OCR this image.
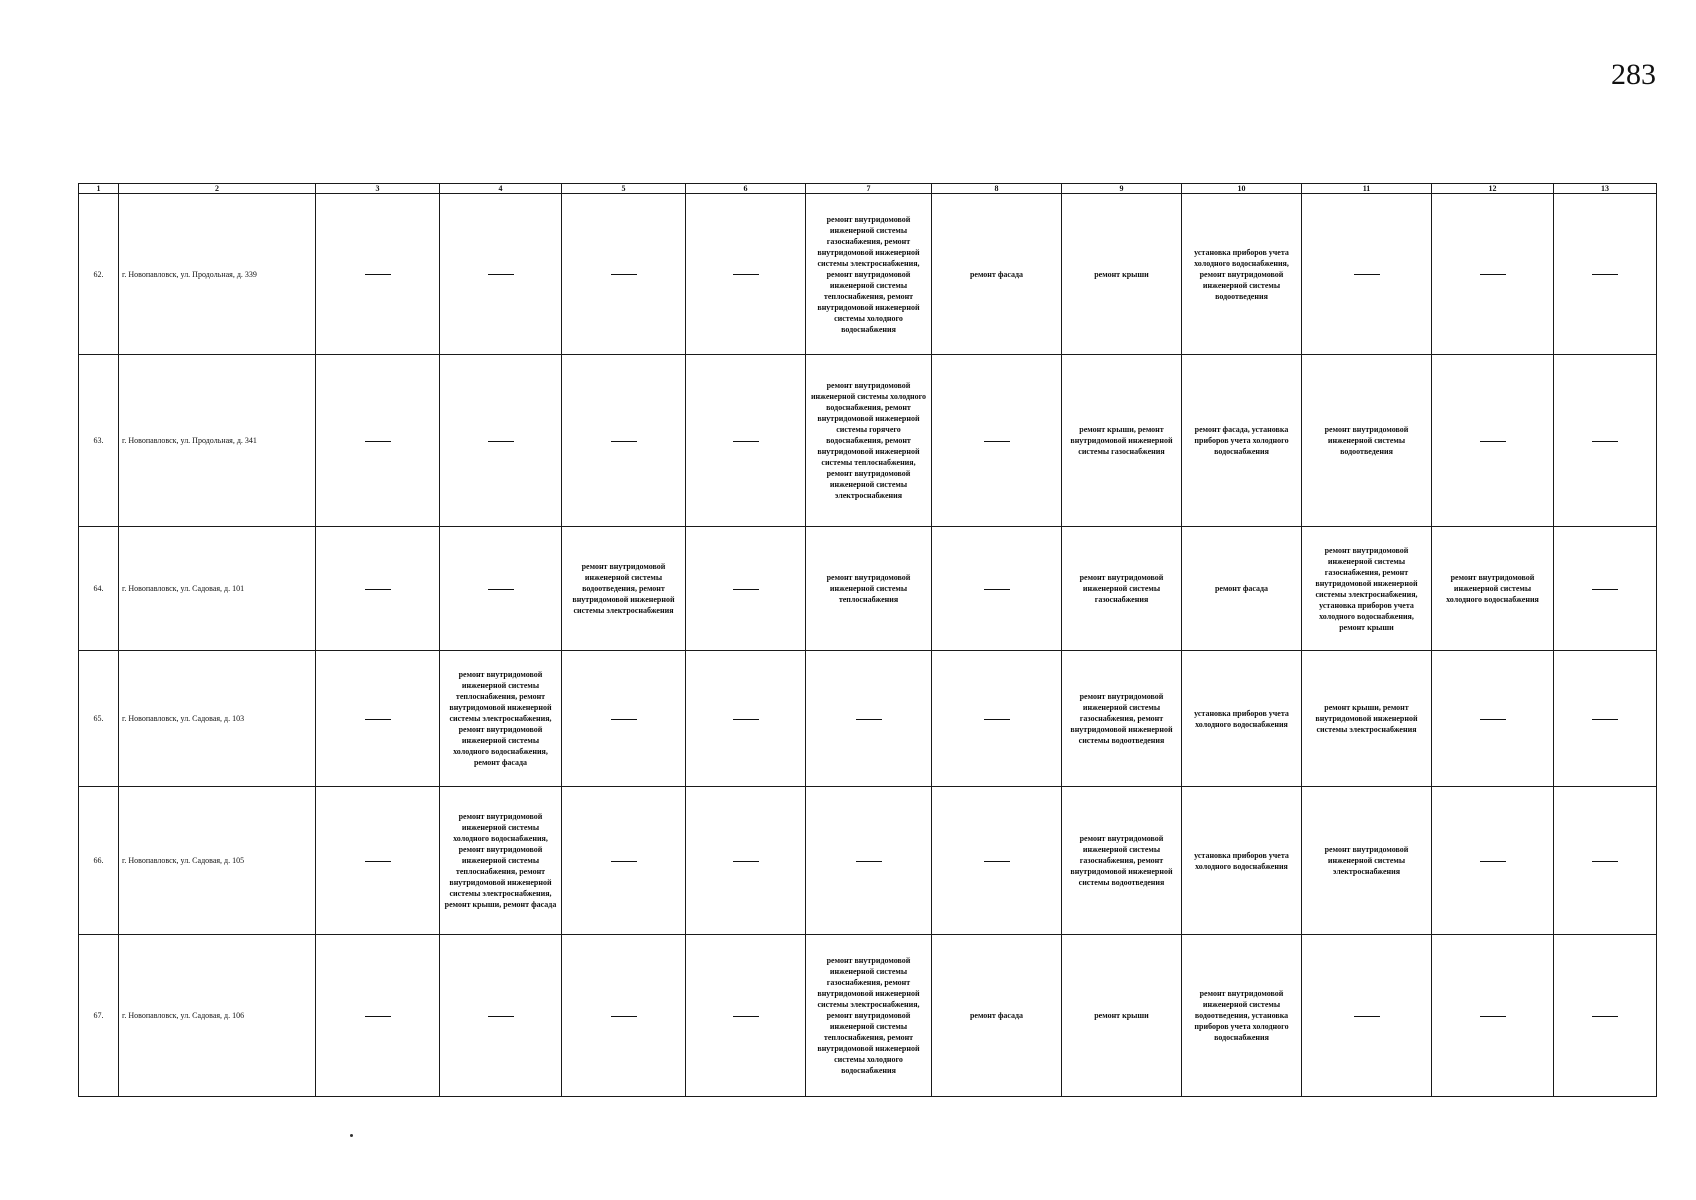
283
1	2	3	4	5	6	7	8	9	10	11	12	13
62.	г. Новопавловск, ул. Продольная, д. 339					ремонт внутридомовой инженерной системы газоснабжения, ремонт внутридомовой инженерной системы электроснабжения, ремонт внутридомовой инженерной системы теплоснабжения, ремонт внутридомовой инженерной системы холодного водоснабжения	ремонт фасада	ремонт крыши	установка приборов учета холодного водоснабжения, ремонт внутридомовой инженерной системы водоотведения			
63.	г. Новопавловск, ул. Продольная, д. 341					ремонт внутридомовой инженерной системы холодного водоснабжения, ремонт внутридомовой инженерной системы горячего водоснабжения, ремонт внутридомовой инженерной системы теплоснабжения, ремонт внутридомовой инженерной системы электроснабжения		ремонт крыши, ремонт внутридомовой инженерной системы газоснабжения	ремонт фасада, установка приборов учета холодного водоснабжения	ремонт внутридомовой инженерной системы водоотведения		
64.	г. Новопавловск, ул. Садовая, д. 101			ремонт внутридомовой инженерной системы водоотведения, ремонт внутридомовой инженерной системы электроснабжения		ремонт внутридомовой инженерной системы теплоснабжения		ремонт внутридомовой инженерной системы газоснабжения	ремонт фасада	ремонт внутридомовой инженерной системы газоснабжения, ремонт внутридомовой инженерной системы электроснабжения, установка приборов учета холодного водоснабжения, ремонт крыши	ремонт внутридомовой инженерной системы холодного водоснабжения	
65.	г. Новопавловск, ул. Садовая, д. 103		ремонт внутридомовой инженерной системы теплоснабжения, ремонт внутридомовой инженерной системы электроснабжения, ремонт внутридомовой инженерной системы холодного водоснабжения, ремонт фасада					ремонт внутридомовой инженерной системы газоснабжения, ремонт внутридомовой инженерной системы водоотведения	установка приборов учета холодного водоснабжения	ремонт крыши, ремонт внутридомовой инженерной системы электроснабжения		
66.	г. Новопавловск, ул. Садовая, д. 105		ремонт внутридомовой инженерной системы холодного водоснабжения, ремонт внутридомовой инженерной системы теплоснабжения, ремонт внутридомовой инженерной системы электроснабжения, ремонт крыши, ремонт фасада					ремонт внутридомовой инженерной системы газоснабжения, ремонт внутридомовой инженерной системы водоотведения	установка приборов учета холодного водоснабжения	ремонт внутридомовой инженерной системы электроснабжения		
67.	г. Новопавловск, ул. Садовая, д. 106					ремонт внутридомовой инженерной системы газоснабжения, ремонт внутридомовой инженерной системы электроснабжения, ремонт внутридомовой инженерной системы теплоснабжения, ремонт внутридомовой инженерной системы холодного водоснабжения	ремонт фасада	ремонт крыши	ремонт внутридомовой инженерной системы водоотведения, установка приборов учета холодного водоснабжения			
